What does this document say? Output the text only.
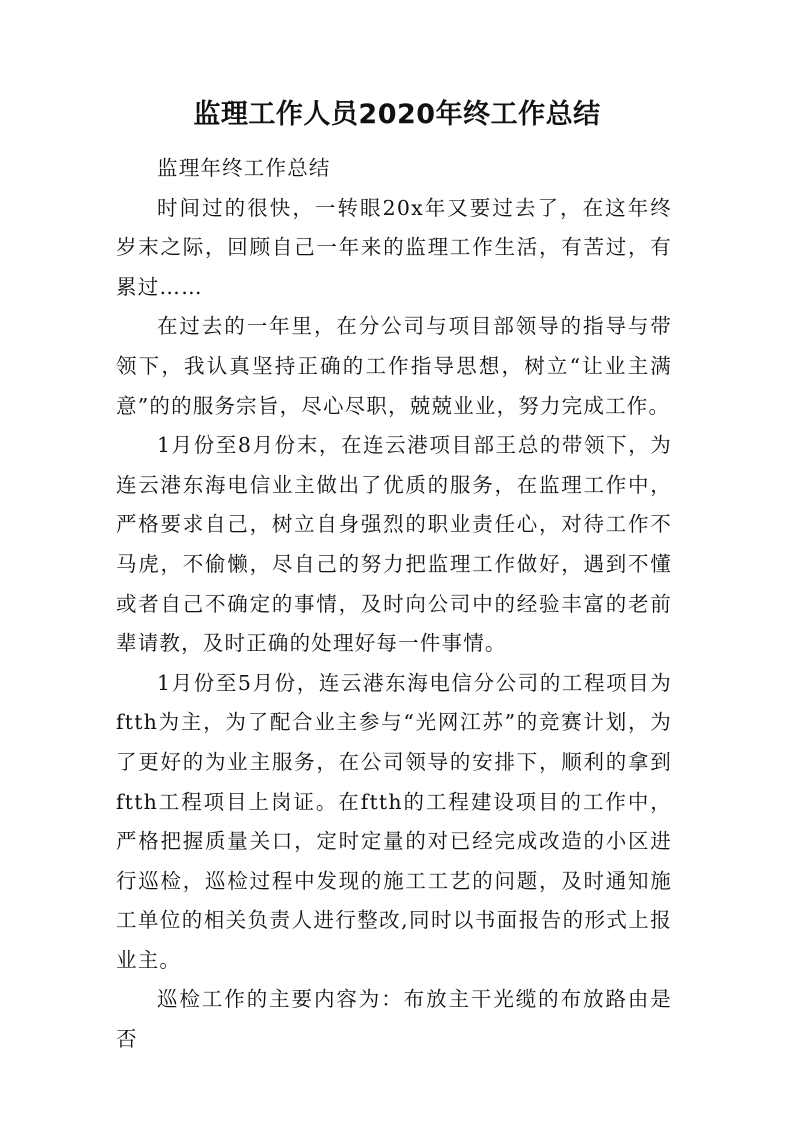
监理工作人员2020年终工作总结

监理年终工作总结

时间过的很快，一转眼20x年又要过去了，在这年终岁末之际，回顾自己一年来的监理工作生活，有苦过，有累过……

在过去的一年里，在分公司与项目部领导的指导与带领下，我认真坚持正确的工作指导思想，树立“让业主满意”的的服务宗旨，尽心尽职，兢兢业业，努力完成工作。

1月份至8月份末，在连云港项目部王总的带领下，为连云港东海电信业主做出了优质的服务，在监理工作中，严格要求自己，树立自身强烈的职业责任心，对待工作不马虎，不偷懒，尽自己的努力把监理工作做好，遇到不懂或者自己不确定的事情，及时向公司中的经验丰富的老前辈请教，及时正确的处理好每一件事情。

1月份至5月份，连云港东海电信分公司的工程项目为ftth为主，为了配合业主参与“光网江苏”的竞赛计划，为了更好的为业主服务，在公司领导的安排下，顺利的拿到ftth工程项目上岗证。在ftth的工程建设项目的工作中，严格把握质量关口，定时定量的对已经完成改造的小区进行巡检，巡检过程中发现的施工工艺的问题，及时通知施工单位的相关负责人进行整改,同时以书面报告的形式上报业主。

巡检工作的主要内容为：布放主干光缆的布放路由是否
